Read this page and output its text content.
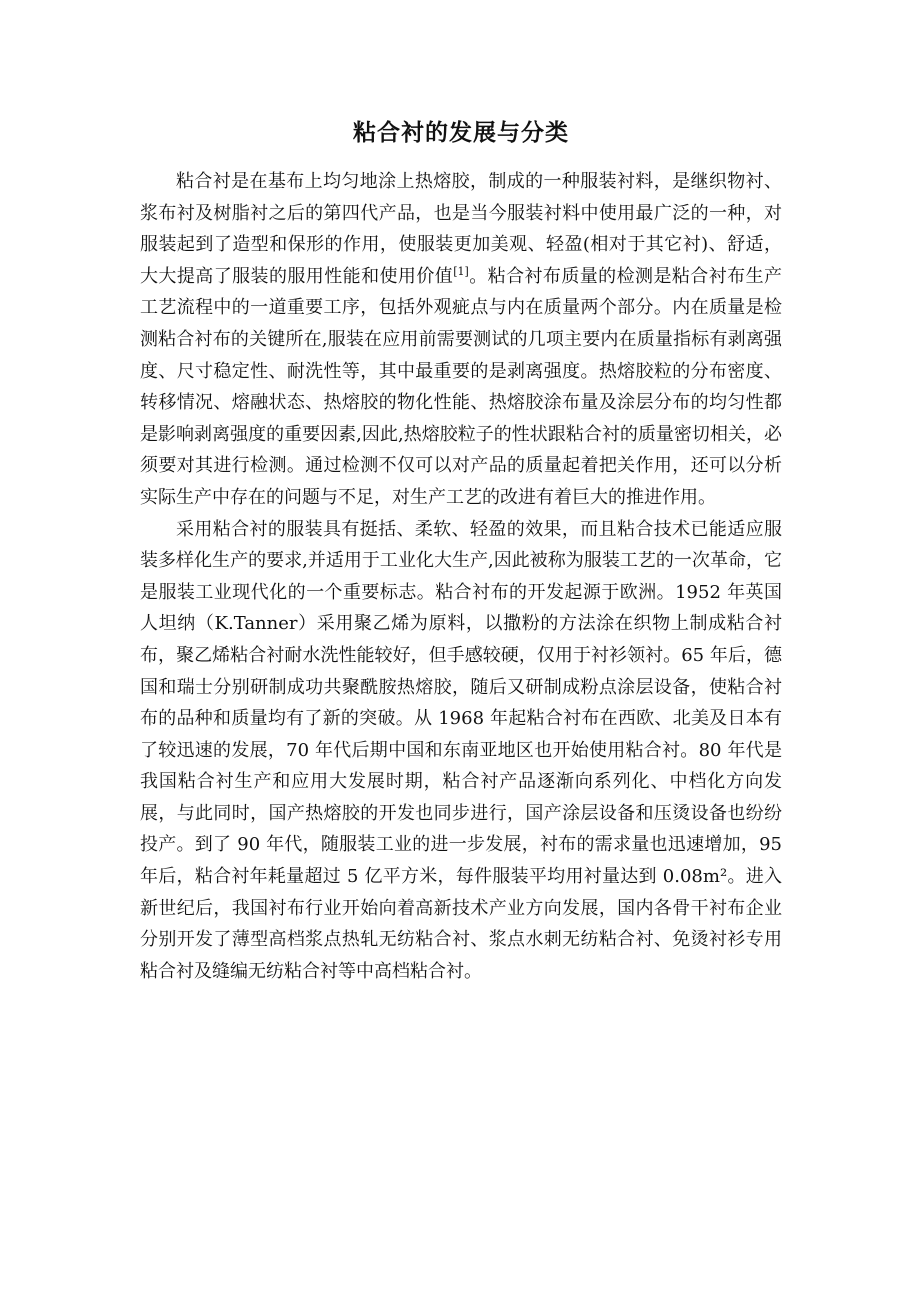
粘合衬的发展与分类

粘合衬是在基布上均匀地涂上热熔胶，制成的一种服装衬料，是继织物衬、浆布衬及树脂衬之后的第四代产品，也是当今服装衬料中使用最广泛的一种，对服装起到了造型和保形的作用，使服装更加美观、轻盈(相对于其它衬)、舒适，大大提高了服装的服用性能和使用价值[1]。粘合衬布质量的检测是粘合衬布生产工艺流程中的一道重要工序，包括外观疵点与内在质量两个部分。内在质量是检测粘合衬布的关键所在,服装在应用前需要测试的几项主要内在质量指标有剥离强度、尺寸稳定性、耐洗性等，其中最重要的是剥离强度。热熔胶粒的分布密度、转移情况、熔融状态、热熔胶的物化性能、热熔胶涂布量及涂层分布的均匀性都是影响剥离强度的重要因素,因此,热熔胶粒子的性状跟粘合衬的质量密切相关，必须要对其进行检测。通过检测不仅可以对产品的质量起着把关作用，还可以分析实际生产中存在的问题与不足，对生产工艺的改进有着巨大的推进作用。

采用粘合衬的服装具有挺括、柔软、轻盈的效果，而且粘合技术已能适应服装多样化生产的要求,并适用于工业化大生产,因此被称为服装工艺的一次革命，它是服装工业现代化的一个重要标志。粘合衬布的开发起源于欧洲。1952 年英国人坦纳（K.Tanner）采用聚乙烯为原料，以撒粉的方法涂在织物上制成粘合衬布，聚乙烯粘合衬耐水洗性能较好，但手感较硬，仅用于衬衫领衬。65 年后，德国和瑞士分别研制成功共聚酰胺热熔胶，随后又研制成粉点涂层设备，使粘合衬布的品种和质量均有了新的突破。从 1968 年起粘合衬布在西欧、北美及日本有了较迅速的发展，70 年代后期中国和东南亚地区也开始使用粘合衬。80 年代是我国粘合衬生产和应用大发展时期，粘合衬产品逐渐向系列化、中档化方向发展，与此同时，国产热熔胶的开发也同步进行，国产涂层设备和压烫设备也纷纷投产。到了 90 年代，随服装工业的进一步发展，衬布的需求量也迅速增加，95 年后，粘合衬年耗量超过 5 亿平方米，每件服装平均用衬量达到 0.08m²。进入新世纪后，我国衬布行业开始向着高新技术产业方向发展，国内各骨干衬布企业分别开发了薄型高档浆点热轧无纺粘合衬、浆点水刺无纺粘合衬、免烫衬衫专用粘合衬及缝编无纺粘合衬等中高档粘合衬。
